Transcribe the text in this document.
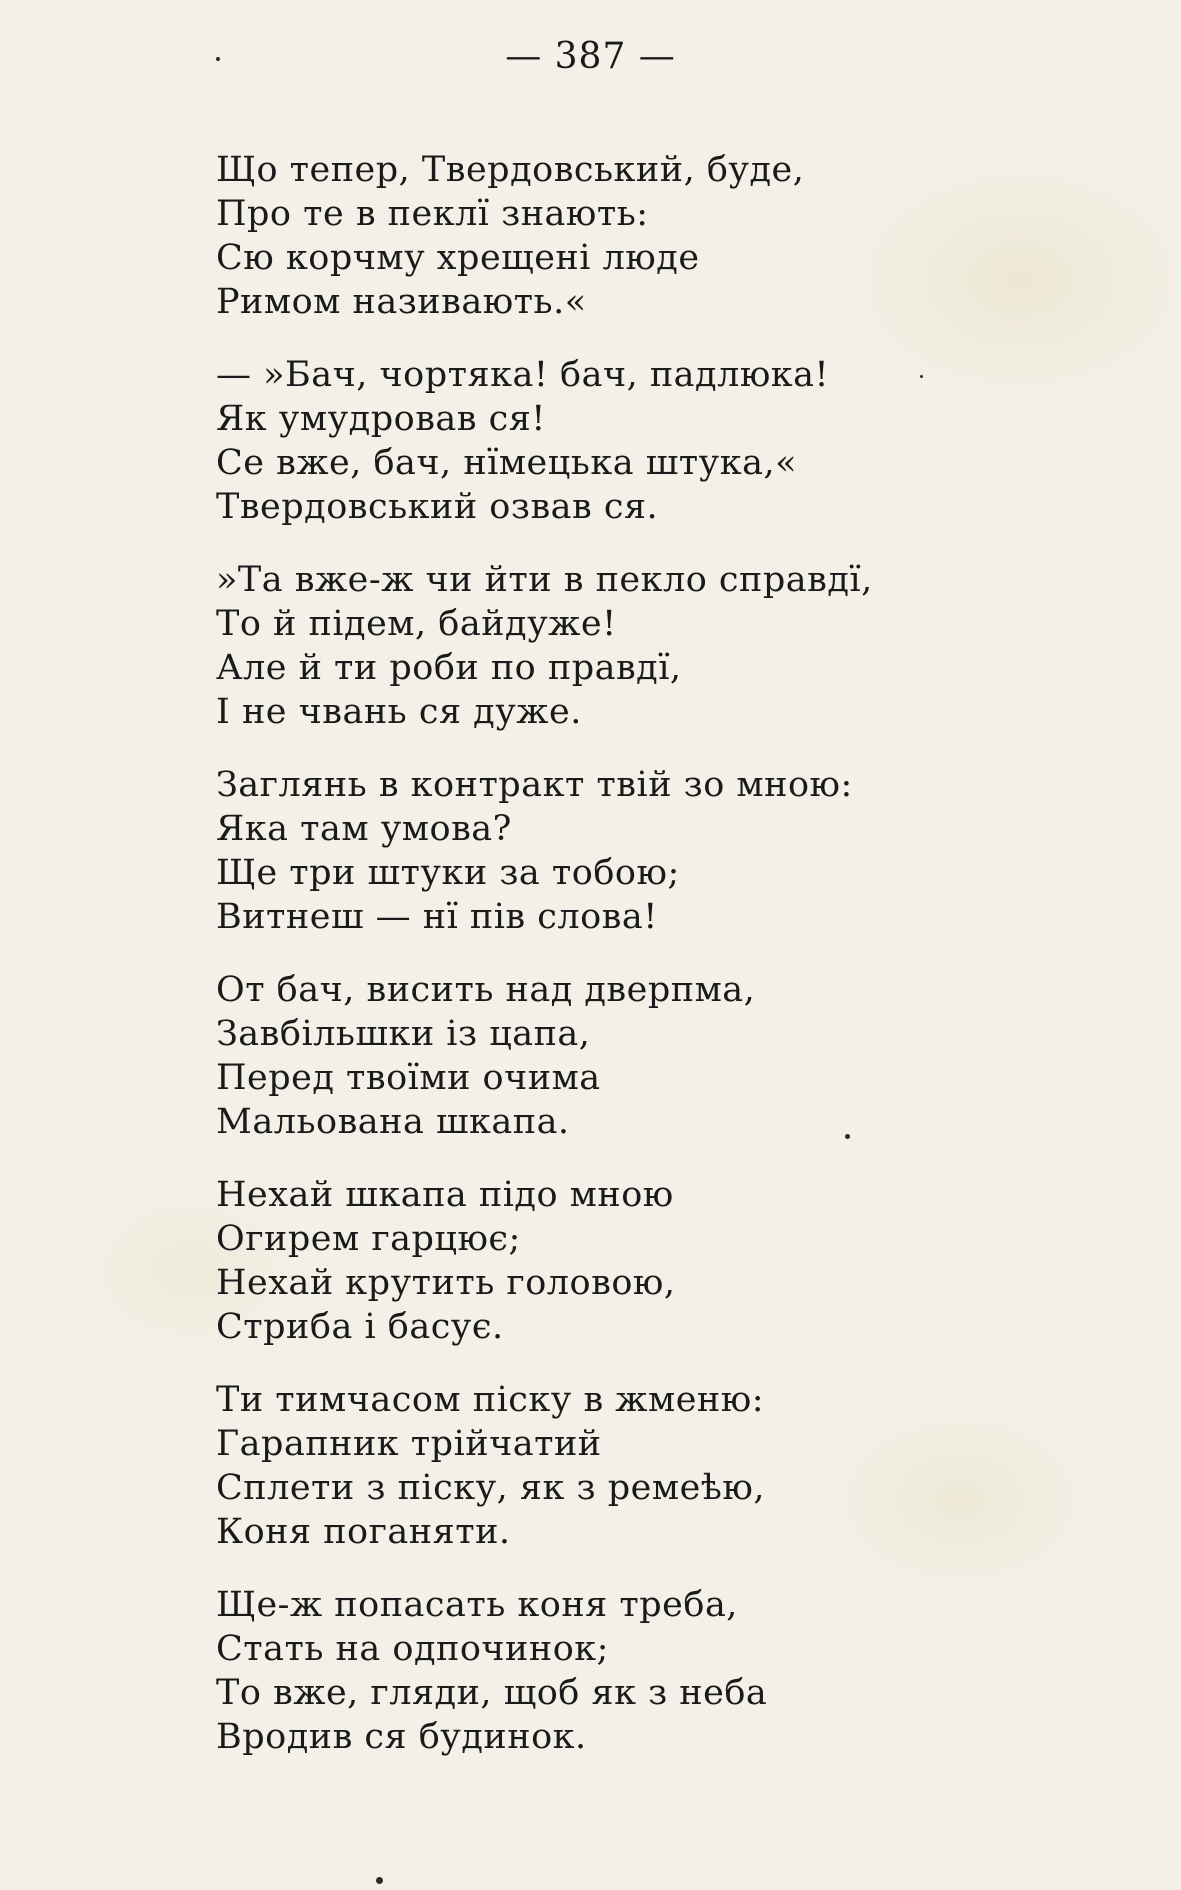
— 387 —
Що тепер, Твердовський, буде,
Про те в пеклї знають:
Сю корчму хрещені люде
Римом називають.«
— »Бач, чортяка! бач, падлюка!
Як умудровав ся!
Се вже, бач, нїмецька штука,«
Твердовський озвав ся.
»Та вже-ж чи йти в пекло справдї,
То й підем, байдуже!
Але й ти роби по правдї,
І не чвань ся дуже.
Заглянь в контракт твій зо мною:
Яка там умова?
Ще три штуки за тобою;
Витнеш — нї пів слова!
От бач, висить над дверпма,
Завбільшки із цапа,
Перед твоїми очима
Мальована шкапа.
Нехай шкапа підо мною
Огирем гарцює;
Нехай крутить головою,
Стриба і басує.
Ти тимчасом піску в жменю:
Гарапник трійчатий
Сплети з піску, як з ремеѣю,
Коня поганяти.
Ще-ж попасать коня треба,
Стать на одпочинок;
То вже, гляди, щоб як з неба
Вродив ся будинок.
